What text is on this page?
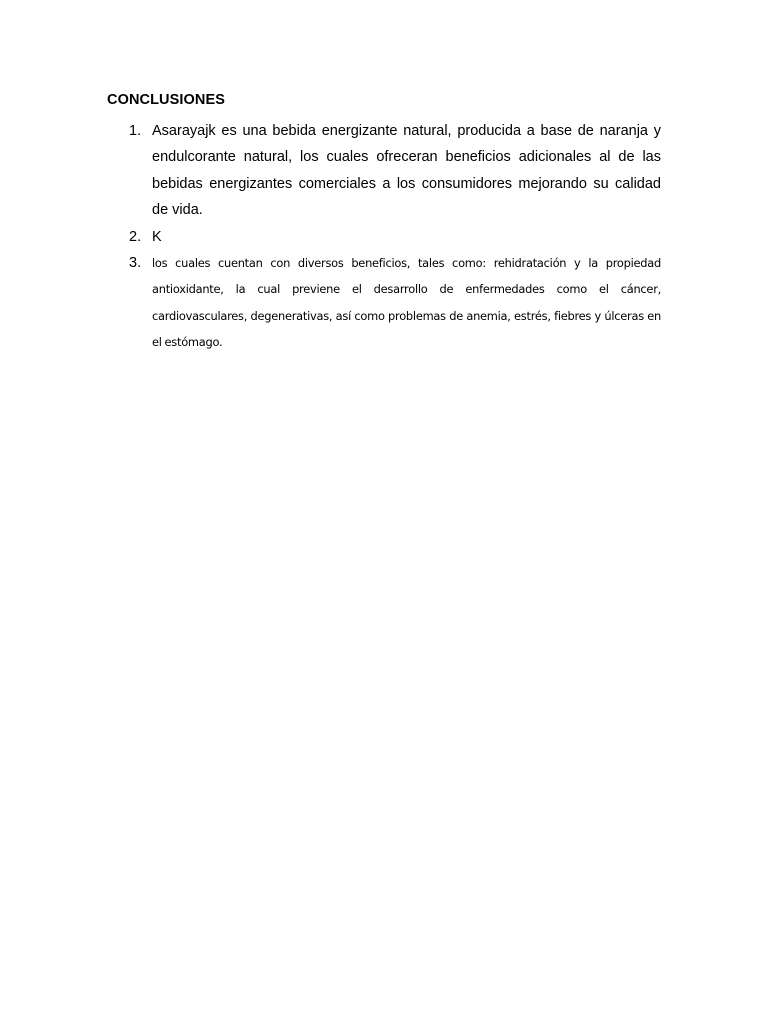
CONCLUSIONES
1. Asarayajk es una bebida energizante natural, producida a base de naranja y endulcorante natural, los cuales ofreceran beneficios adicionales al de las bebidas energizantes comerciales a los consumidores mejorando su calidad de vida.
2. K
3. los cuales cuentan con diversos beneficios, tales como: rehidratación y la propiedad antioxidante, la cual previene el desarrollo de enfermedades como el cáncer, cardiovasculares, degenerativas, así como problemas de anemia, estrés, fiebres y úlceras en el estómago.
